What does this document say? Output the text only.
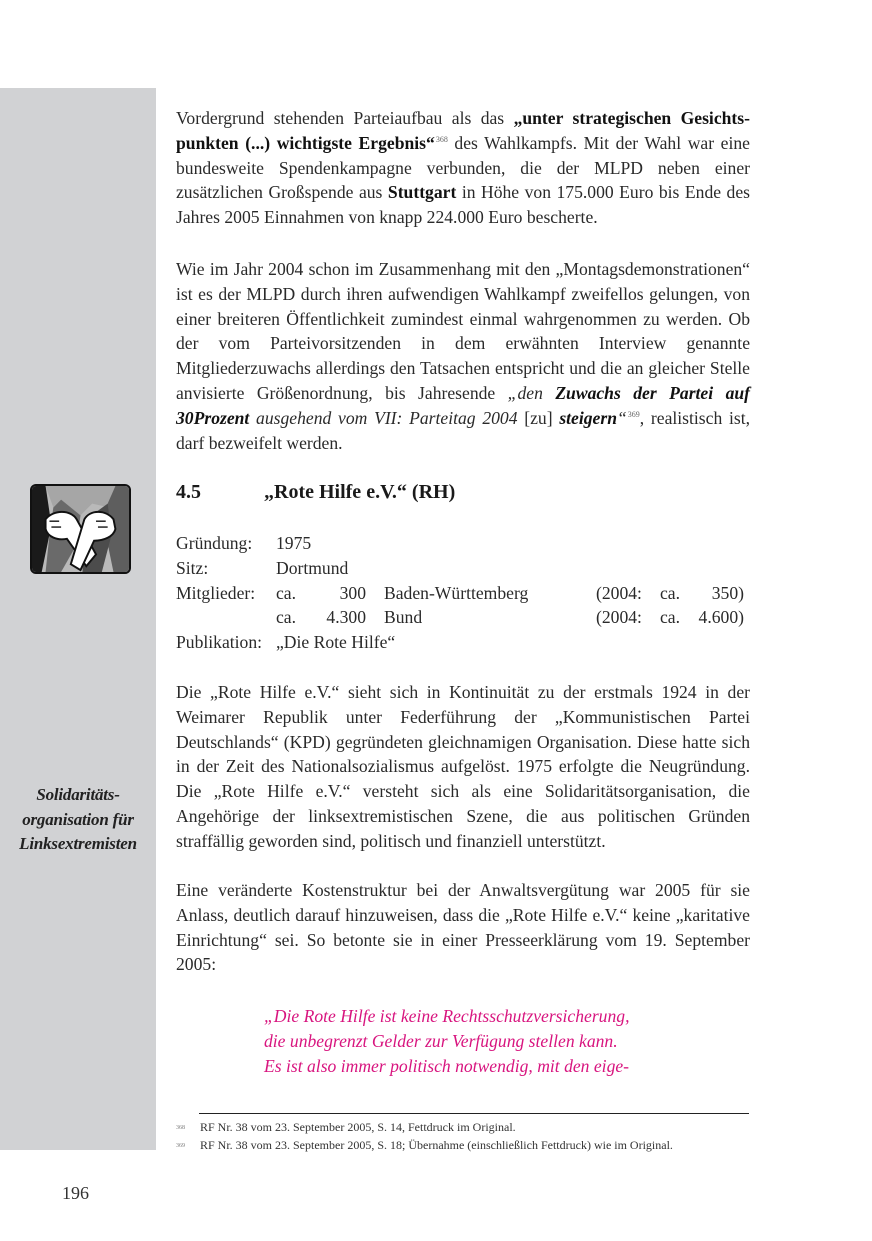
Solidaritäts-
organisation für
Linksextremisten

Vordergrund stehenden Parteiaufbau als das „unter strategischen Gesichtspunkten (...) wichtigste Ergebnis“$^{368}$ des Wahlkampfs. Mit der Wahl war eine bundesweite Spendenkampagne verbunden, die der MLPD neben einer zusätzlichen Großspende aus Stuttgart in Höhe von 175.000 Euro bis Ende des Jahres 2005 Einnahmen von knapp 224.000 Euro bescherte.

Wie im Jahr 2004 schon im Zusammenhang mit den „Montagsdemonstrationen“ ist es der MLPD durch ihren aufwendigen Wahlkampf zweifellos gelungen, von einer breiteren Öffentlichkeit zumindest einmal wahrgenommen zu werden. Ob der vom Parteivorsitzenden in dem erwähnten Interview genannte Mitgliederzuwachs allerdings den Tatsachen entspricht und die an gleicher Stelle anvisierte Größenordnung, bis Jahresende „den Zuwachs der Partei auf 30Prozent ausgehend vom VII: Parteitag 2004 [zu] steigern“$^{369}$, realistisch ist, darf bezweifelt werden.

4.5	„Rote Hilfe e.V.“ (RH)
Gründung:	1975
Sitz:	Dortmund
Mitglieder:	ca.	300 Baden-Württemberg	(2004:	ca.	350)
ca.	4.300 Bund	(2004:	ca.	4.600)
Publikation: „Die Rote Hilfe“

Die „Rote Hilfe e.V.“ sieht sich in Kontinuität zu der erstmals 1924 in der Weimarer Republik unter Federführung der „Kommunistischen Partei Deutschlands“ (KPD) gegründeten gleichnamigen Organisation. Diese hatte sich in der Zeit des Nationalsozialismus aufgelöst. 1975 erfolgte die Neugründung. Die „Rote Hilfe e.V.“ versteht sich als eine Solidaritätsorganisation, die Angehörige der linksextremistischen Szene, die aus politischen Gründen straffällig geworden sind, politisch und finanziell unterstützt.

Eine veränderte Kostenstruktur bei der Anwaltsvergütung war 2005 für sie Anlass, deutlich darauf hinzuweisen, dass die „Rote Hilfe e.V.“ keine „karitative Einrichtung“ sei. So betonte sie in einer Presseerklärung vom 19. September 2005:

„Die Rote Hilfe ist keine Rechtsschutzversicherung,
die unbegrenzt Gelder zur Verfügung stellen kann.
Es ist also immer politisch notwendig, mit den eige-
368	RF Nr. 38 vom 23. September 2005, S. 14, Fettdruck im Original.
369	RF Nr. 38 vom 23. September 2005, S. 18; Übernahme (einschließlich Fettdruck) wie im Original.
196
